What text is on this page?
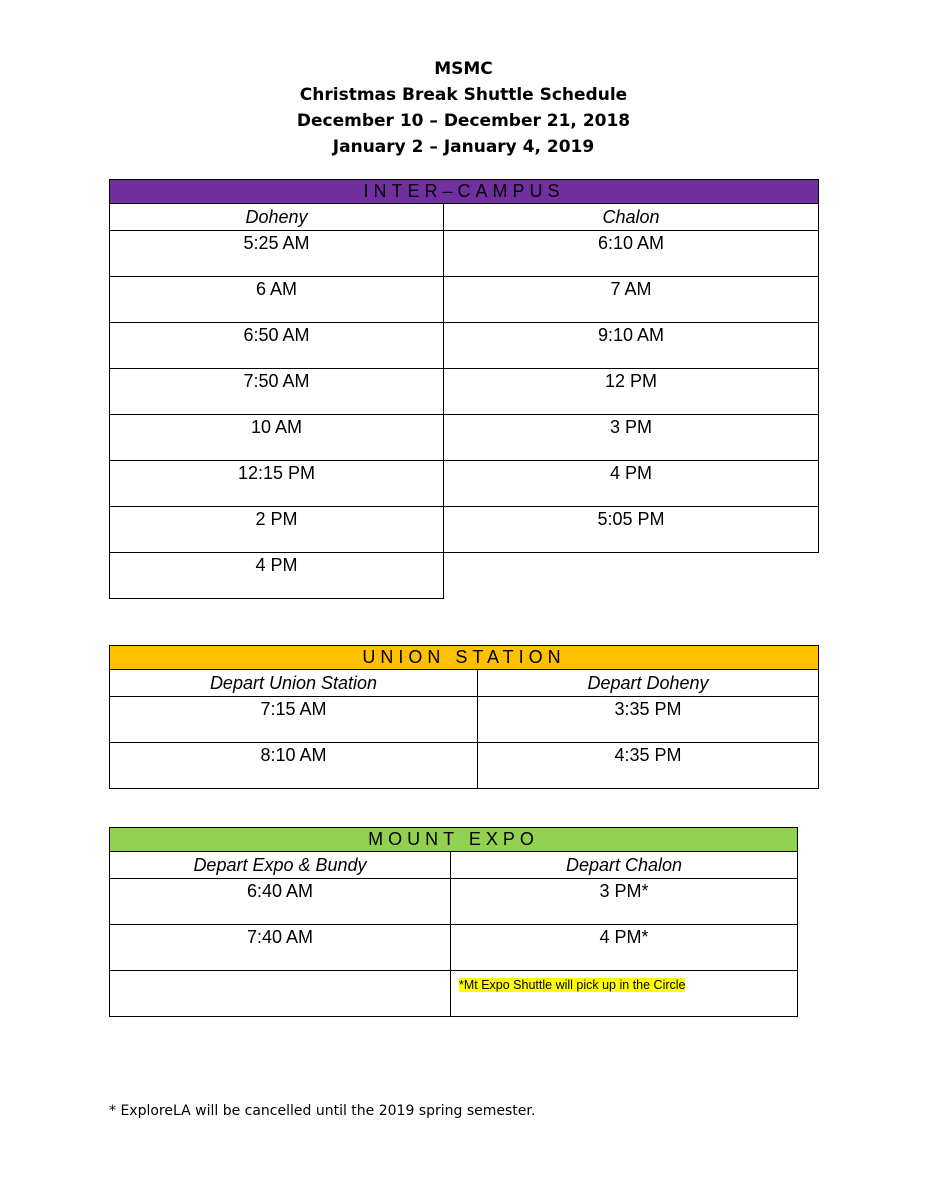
MSMC
Christmas Break Shuttle Schedule
December 10 – December 21, 2018
January 2 – January 4, 2019
INTER–CAMPUS	
Doheny	Chalon
5:25 AM	6:10 AM
6 AM	7 AM
6:50 AM	9:10 AM
7:50 AM	12 PM
10 AM	3 PM
12:15 PM	4 PM
2 PM	5:05 PM
4 PM	
UNION STATION	
Depart Union Station	Depart Doheny
7:15 AM	3:35 PM
8:10 AM	4:35 PM
MOUNT EXPO	
Depart Expo & Bundy	Depart Chalon
6:40 AM	3 PM*
7:40 AM	4 PM*
	*Mt Expo Shuttle will pick up in the Circle
* ExploreLA will be cancelled until the 2019 spring semester.
